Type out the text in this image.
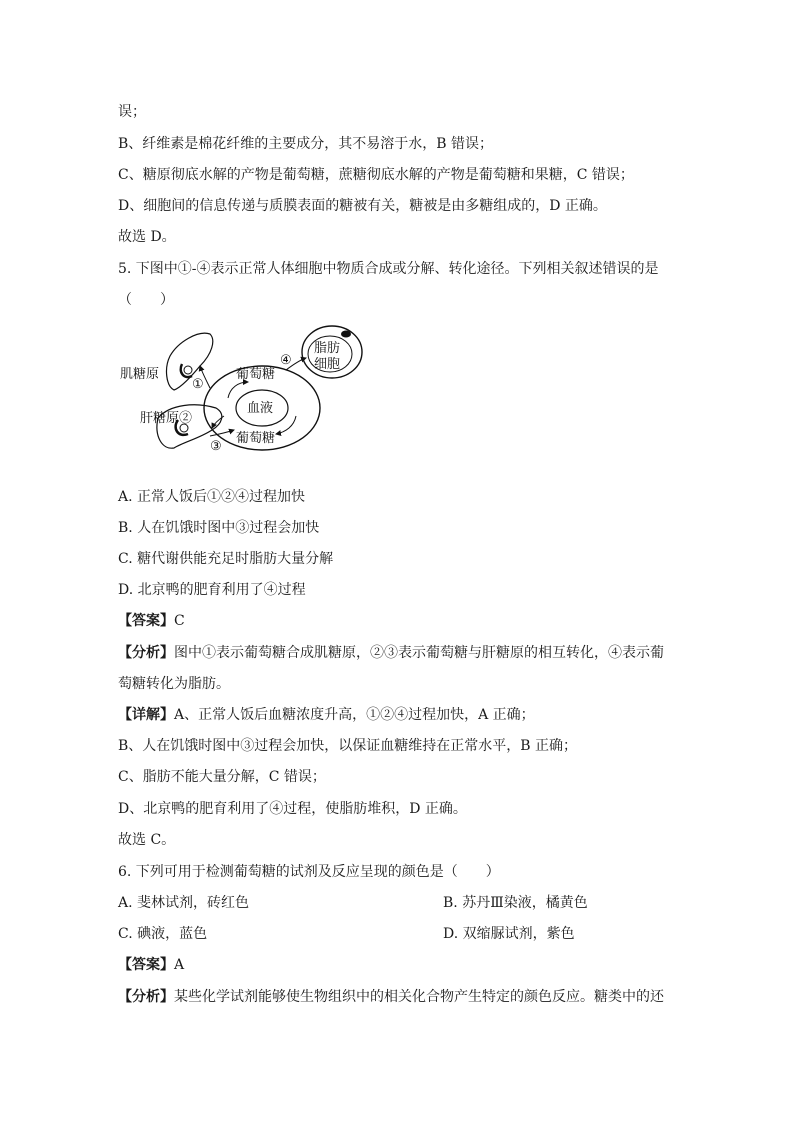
误；
B、纤维素是棉花纤维的主要成分，其不易溶于水，B 错误；
C、糖原彻底水解的产物是葡萄糖，蔗糖彻底水解的产物是葡萄糖和果糖，C 错误；
D、细胞间的信息传递与质膜表面的糖被有关，糖被是由多糖组成的，D 正确。
故选 D。
5. 下图中①-④表示正常人体细胞中物质合成或分解、转化途径。下列相关叙述错误的是
（　　）
肌糖原
肝糖原②
血液
葡萄糖
葡萄糖
脂肪
细胞
①
③
④
A. 正常人饭后①②④过程加快
B. 人在饥饿时图中③过程会加快
C. 糖代谢供能充足时脂肪大量分解
D. 北京鸭的肥育利用了④过程
【答案】C
【分析】图中①表示葡萄糖合成肌糖原，②③表示葡萄糖与肝糖原的相互转化，④表示葡
萄糖转化为脂肪。
【详解】A、正常人饭后血糖浓度升高，①②④过程加快，A 正确；
B、人在饥饿时图中③过程会加快，以保证血糖维持在正常水平，B 正确；
C、脂肪不能大量分解，C 错误；
D、北京鸭的肥育利用了④过程，使脂肪堆积，D 正确。
故选 C。
6. 下列可用于检测葡萄糖的试剂及反应呈现的颜色是（　　）
A. 斐林试剂，砖红色	B. 苏丹Ⅲ染液，橘黄色
C. 碘液，蓝色	D. 双缩脲试剂，紫色
【答案】A
【分析】某些化学试剂能够使生物组织中的相关化合物产生特定的颜色反应。糖类中的还
